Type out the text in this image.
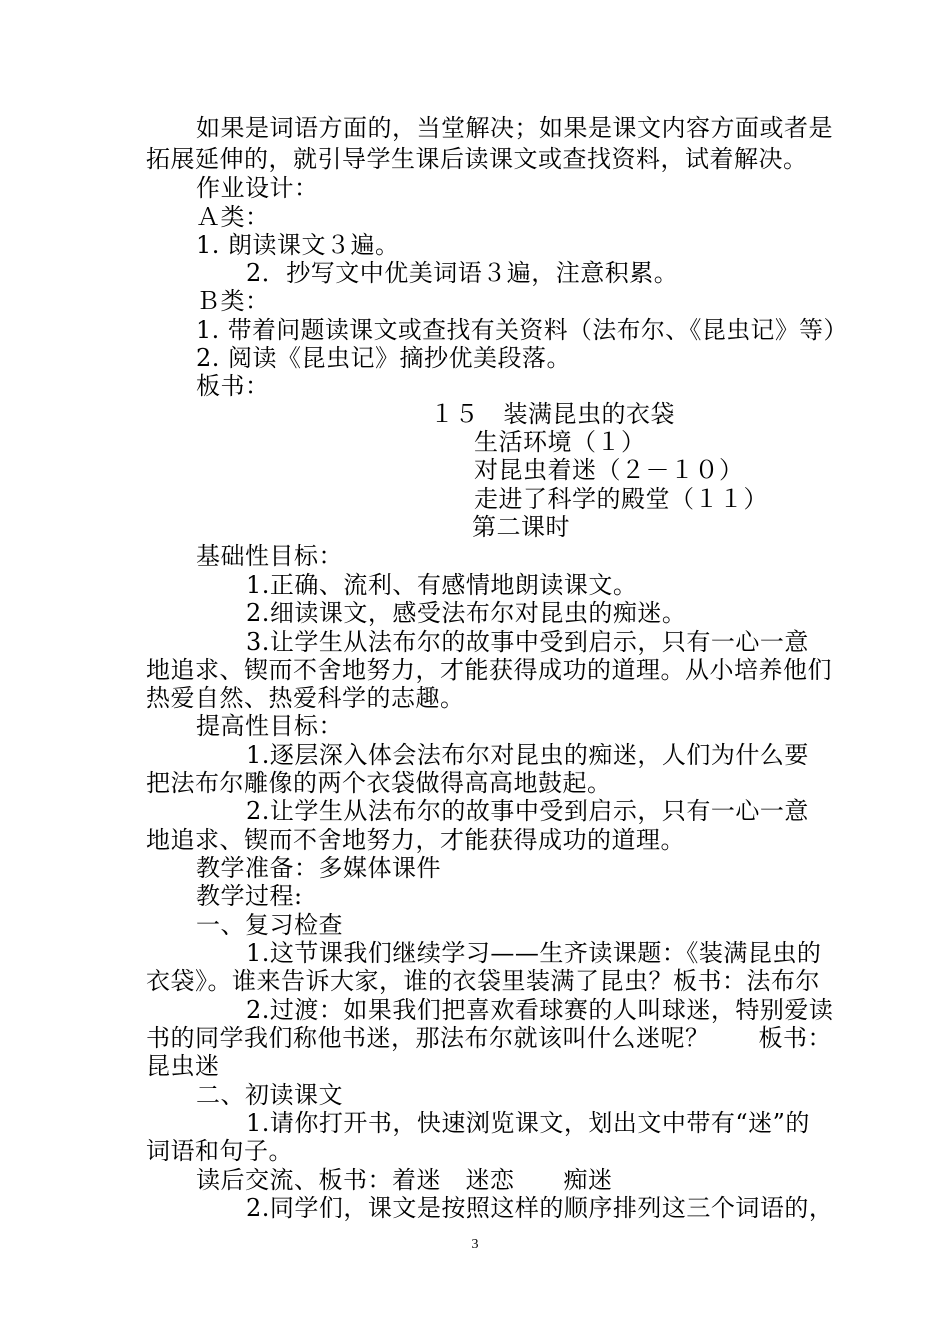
如果是词语方面的，当堂解决；如果是课文内容方面或者是
拓展延伸的，就引导学生课后读课文或查找资料，试着解决。
作业设计：
Ａ类：
1. 朗读课文３遍。
2．抄写文中优美词语３遍，注意积累。
Ｂ类：
1. 带着问题读课文或查找有关资料（法布尔、《昆虫记》等）
2. 阅读《昆虫记》摘抄优美段落。
板书：
１５　装满昆虫的衣袋
生活环境（１）
对昆虫着迷（２－１０）
走进了科学的殿堂（１１）
第二课时
基础性目标：
1.正确、流利、有感情地朗读课文。
2.细读课文，感受法布尔对昆虫的痴迷。
3.让学生从法布尔的故事中受到启示，只有一心一意
地追求、锲而不舍地努力，才能获得成功的道理。从小培养他们
热爱自然、热爱科学的志趣。
提高性目标：
1.逐层深入体会法布尔对昆虫的痴迷，人们为什么要
把法布尔雕像的两个衣袋做得高高地鼓起。
2.让学生从法布尔的故事中受到启示，只有一心一意
地追求、锲而不舍地努力，才能获得成功的道理。
教学准备：多媒体课件
教学过程:
一、复习检查
1.这节课我们继续学习——生齐读课题：《装满昆虫的
衣袋》。谁来告诉大家，谁的衣袋里装满了昆虫？板书：法布尔
2.过渡：如果我们把喜欢看球赛的人叫球迷，特别爱读
书的同学我们称他书迷，那法布尔就该叫什么迷呢？　　板书：
昆虫迷
二、初读课文
1.请你打开书，快速浏览课文，划出文中带有“迷”的
词语和句子。
读后交流、板书：着迷　迷恋　　痴迷
2.同学们，课文是按照这样的顺序排列这三个词语的，
3
